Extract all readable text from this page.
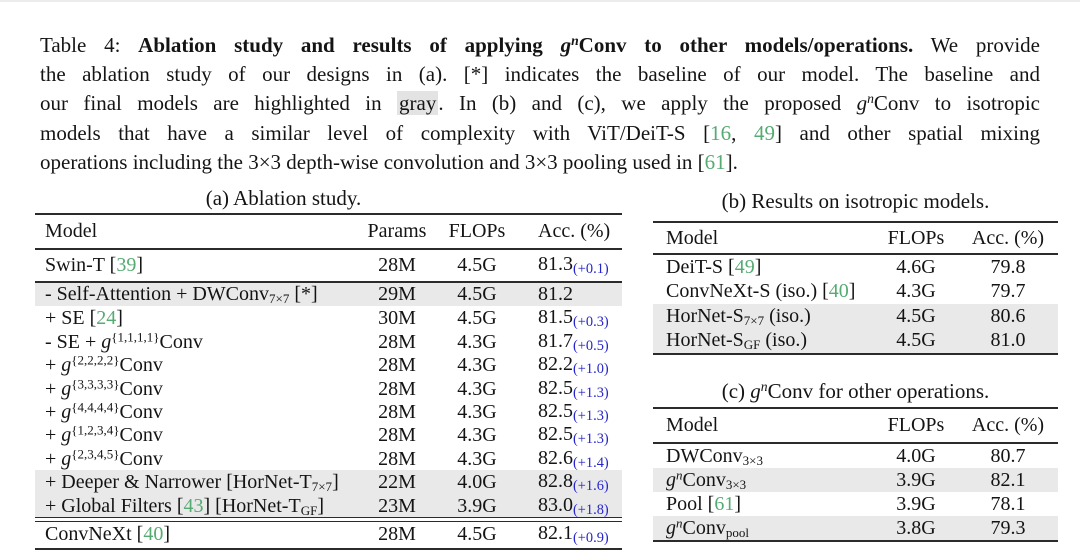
Table 4: Ablation study and results of applying $g^nConv$ to other models/operations. We provide
the ablation study of our designs in (a). [*] indicates the baseline of our model. The baseline and
our final models are highlighted in gray. In (b) and (c), we apply the proposed $g^nConv$ to isotropic
models that have a similar level of complexity with ViT/DeiT-S [16, 49] and other spatial mixing
operations including the 3×3 depth-wise convolution and 3×3 pooling used in [61].
(a) Ablation study.
Model	Params	FLOPs	Acc. (%)
Swin-T [39]	28M	4.5G	81.3(+0.1)
- Self-Attention + DWConv$_{7\times 7}$ [*]	29M	4.5G	81.2
+ SE [24]	30M	4.5G	81.5(+0.3)
- SE + $g^{\{1,1,1,1\}}Conv$	28M	4.3G	81.7(+0.5)
+ $g^{\{2,2,2,2\}}Conv$	28M	4.3G	82.2(+1.0)
+ $g^{\{3,3,3,3\}}Conv$	28M	4.3G	82.5(+1.3)
+ $g^{\{4,4,4,4\}}Conv$	28M	4.3G	82.5(+1.3)
+ $g^{\{1,2,3,4\}}Conv$	28M	4.3G	82.5(+1.3)
+ $g^{\{2,3,4,5\}}Conv$	28M	4.3G	82.6(+1.4)
+ Deeper & Narrower $[HorNet-T_{7\times 7}]$	22M	4.0G	82.8(+1.6)
+ Global Filters [43] $[HorNet-T_{GF}]$	23M	3.9G	83.0(+1.8)
ConvNeXt [40]	28M	4.5G	82.1(+0.9)
(b) Results on isotropic models.
Model	FLOPs	Acc. (%)
DeiT-S [49]	4.6G	79.8
ConvNeXt-S (iso.) [40]	4.3G	79.7
HorNet-$S_{7\times 7}$ (iso.)	4.5G	80.6
HorNet-$S_{GF}$ (iso.)	4.5G	81.0
(c) $g^nConv$ for other operations.
Model	FLOPs	Acc. (%)
DWConv$_{3\times 3}$	4.0G	80.7
$g^nConv_{3\times 3}$	3.9G	82.1
Pool [61]	3.9G	78.1
$g^nConv_{pool}$	3.8G	79.3
